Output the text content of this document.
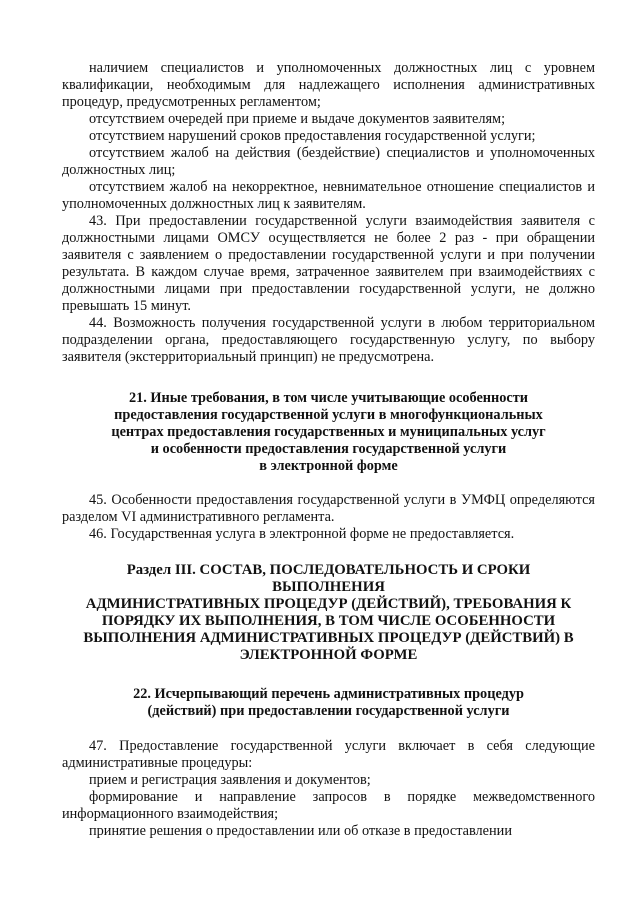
наличием специалистов и уполномоченных должностных лиц с уровнем квалификации, необходимым для надлежащего исполнения административных процедур, предусмотренных регламентом;

отсутствием очередей при приеме и выдаче документов заявителям;

отсутствием нарушений сроков предоставления государственной услуги;

отсутствием жалоб на действия (бездействие) специалистов и уполномоченных должностных лиц;

отсутствием жалоб на некорректное, невнимательное отношение специалистов и уполномоченных должностных лиц к заявителям.

43. При предоставлении государственной услуги взаимодействия заявителя с должностными лицами ОМСУ осуществляется не более 2 раз - при обращении заявителя с заявлением о предоставлении государственной услуги и при получении результата. В каждом случае время, затраченное заявителем при взаимодействиях с должностными лицами при предоставлении государственной услуги, не должно превышать 15 минут.

44. Возможность получения государственной услуги в любом территориальном подразделении органа, предоставляющего государственную услугу, по выбору заявителя (экстерриториальный принцип) не предусмотрена.

21. Иные требования, в том числе учитывающие особенности
предоставления государственной услуги в многофункциональных
центрах предоставления государственных и муниципальных услуг
и особенности предоставления государственной услуги
в электронной форме

45. Особенности предоставления государственной услуги в УМФЦ определяются разделом VI административного регламента.

46. Государственная услуга в электронной форме не предоставляется.

Раздел III. СОСТАВ, ПОСЛЕДОВАТЕЛЬНОСТЬ И СРОКИ
ВЫПОЛНЕНИЯ
АДМИНИСТРАТИВНЫХ ПРОЦЕДУР (ДЕЙСТВИЙ), ТРЕБОВАНИЯ К
ПОРЯДКУ ИХ ВЫПОЛНЕНИЯ, В ТОМ ЧИСЛЕ ОСОБЕННОСТИ
ВЫПОЛНЕНИЯ АДМИНИСТРАТИВНЫХ ПРОЦЕДУР (ДЕЙСТВИЙ) В
ЭЛЕКТРОННОЙ ФОРМЕ
22. Исчерпывающий перечень административных процедур
(действий) при предоставлении государственной услуги

47. Предоставление государственной услуги включает в себя следующие административные процедуры:

прием и регистрация заявления и документов;

формирование и направление запросов в порядке межведомственного информационного взаимодействия;

принятие решения о предоставлении или об отказе в предоставлении
